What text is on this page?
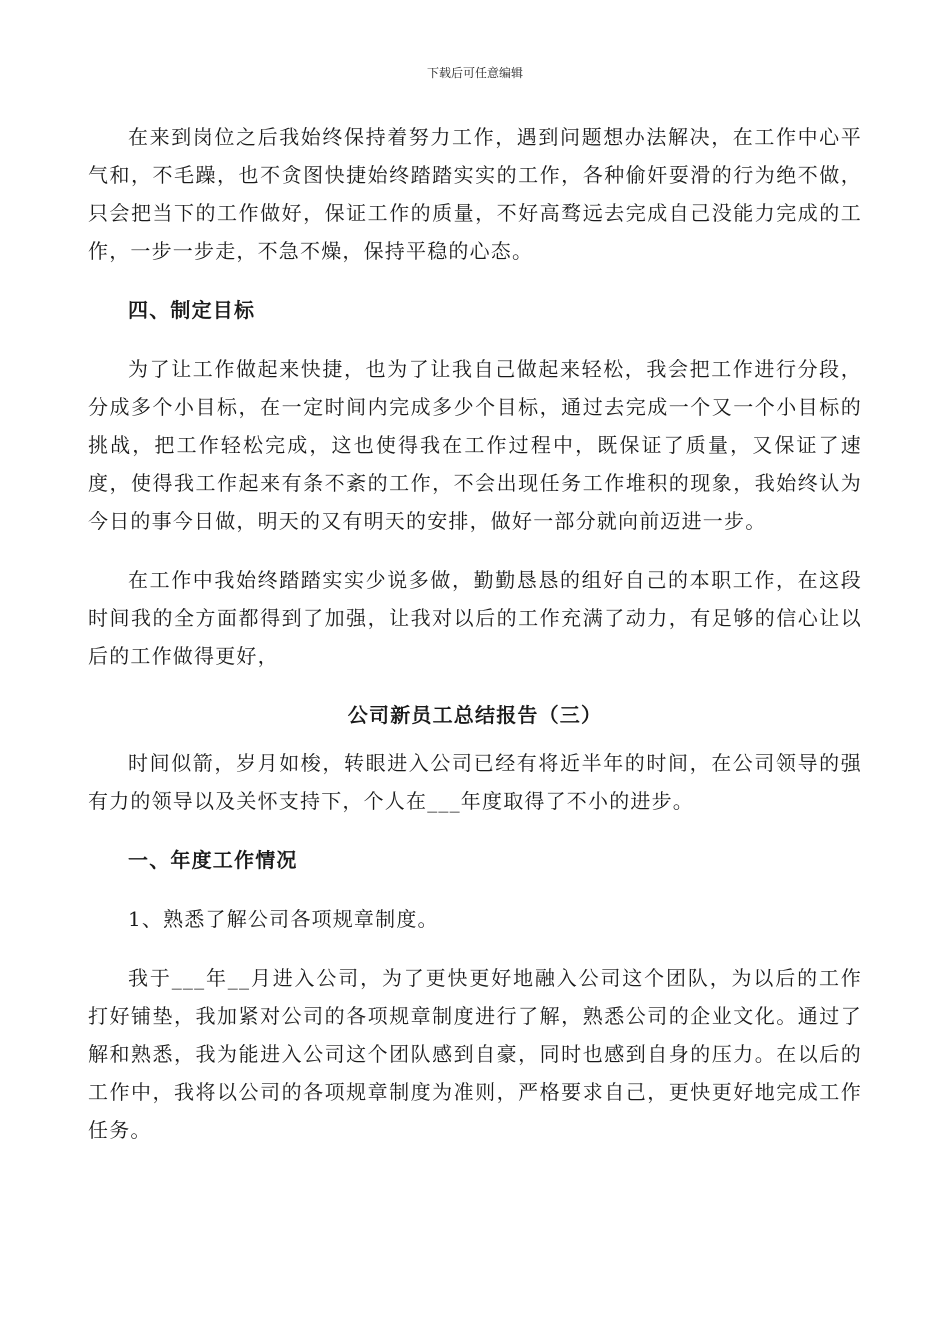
下载后可任意编辑

在来到岗位之后我始终保持着努力工作，遇到问题想办法解决，在工作中心平气和，不毛躁，也不贪图快捷始终踏踏实实的工作，各种偷奸耍滑的行为绝不做，只会把当下的工作做好，保证工作的质量，不好高骛远去完成自己没能力完成的工作，一步一步走，不急不燥，保持平稳的心态。

四、制定目标

为了让工作做起来快捷，也为了让我自己做起来轻松，我会把工作进行分段，分成多个小目标，在一定时间内完成多少个目标，通过去完成一个又一个小目标的挑战，把工作轻松完成，这也使得我在工作过程中，既保证了质量，又保证了速度，使得我工作起来有条不紊的工作，不会出现任务工作堆积的现象，我始终认为今日的事今日做，明天的又有明天的安排，做好一部分就向前迈进一步。

在工作中我始终踏踏实实少说多做，勤勤恳恳的组好自己的本职工作，在这段时间我的全方面都得到了加强，让我对以后的工作充满了动力，有足够的信心让以后的工作做得更好，

公司新员工总结报告（三）

时间似箭，岁月如梭，转眼进入公司已经有将近半年的时间，在公司领导的强有力的领导以及关怀支持下，个人在___年度取得了不小的进步。

一、年度工作情况

1、熟悉了解公司各项规章制度。

我于___年__月进入公司，为了更快更好地融入公司这个团队，为以后的工作打好铺垫，我加紧对公司的各项规章制度进行了解，熟悉公司的企业文化。通过了解和熟悉，我为能进入公司这个团队感到自豪，同时也感到自身的压力。在以后的工作中，我将以公司的各项规章制度为准则，严格要求自己，更快更好地完成工作任务。
